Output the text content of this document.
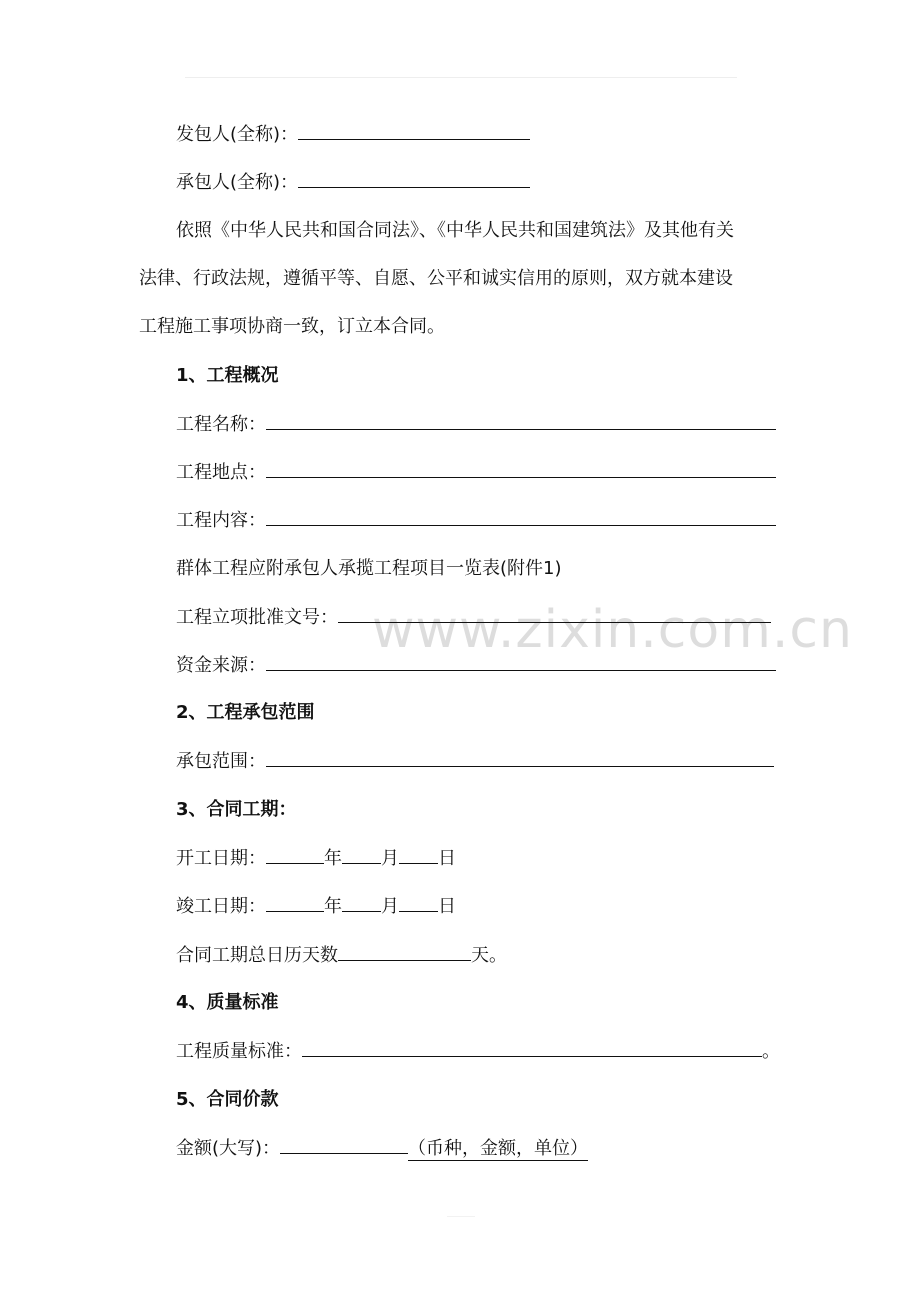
www.zixin.com.cn
发包人(全称)：
承包人(全称)：
依照《中华人民共和国合同法》、《中华人民共和国建筑法》及其他有关
法律、行政法规，遵循平等、自愿、公平和诚实信用的原则，双方就本建设
工程施工事项协商一致，订立本合同。
1、工程概况
工程名称：
工程地点：
工程内容：
群体工程应附承包人承揽工程项目一览表(附件1)
工程立项批准文号：
资金来源：
2、工程承包范围
承包范围：
3、合同工期：
开工日期：	年 月 日
竣工日期：	年 月 日
合同工期总日历天数	天。
4、质量标准
工程质量标准：	。
5、合同价款
金额(大写)：	（币种，金额，单位）
